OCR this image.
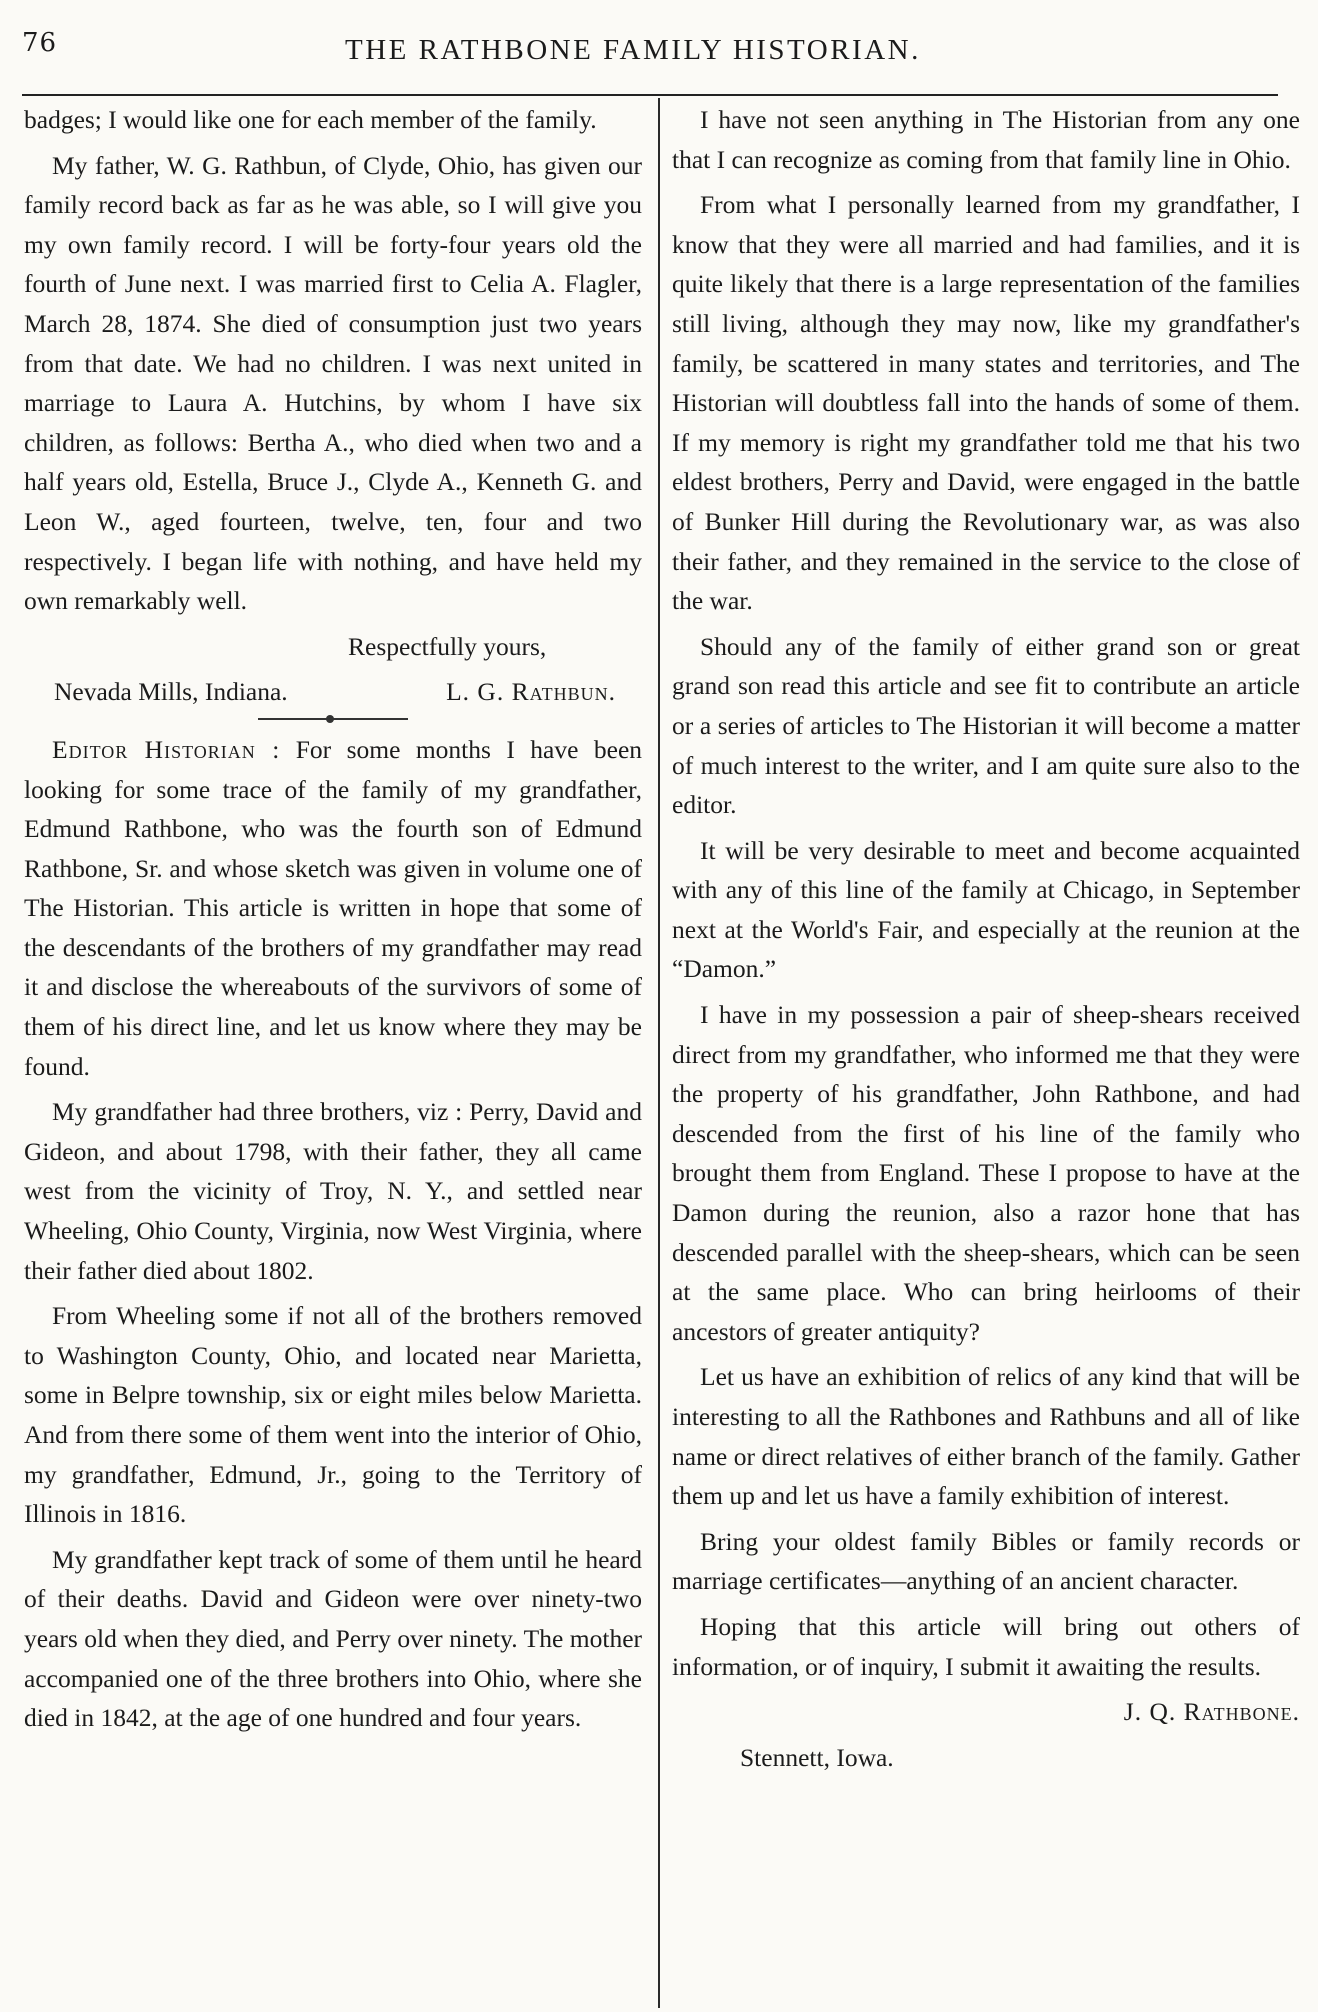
76	THE RATHBONE FAMILY HISTORIAN.

badges; I would like one for each member of the family.

My father, W. G. Rathbun, of Clyde, Ohio, has given our family record back as far as he was able, so I will give you my own family record. I will be forty-four years old the fourth of June next. I was married first to Celia A. Flagler, March 28, 1874. She died of consumption just two years from that date. We had no children. I was next united in marriage to Laura A. Hutchins, by whom I have six children, as follows: Bertha A., who died when two and a half years old, Estella, Bruce J., Clyde A., Kenneth G. and Leon W., aged fourteen, twelve, ten, four and two respectively. I began life with nothing, and have held my own remarkably well.

Respectfully yours,

Nevada Mills, Indiana.	L. G. Rathbun.

Editor Historian : For some months I have been looking for some trace of the family of my grandfather, Edmund Rathbone, who was the fourth son of Edmund Rathbone, Sr. and whose sketch was given in volume one of The Historian. This article is written in hope that some of the descendants of the brothers of my grandfather may read it and disclose the whereabouts of the survivors of some of them of his direct line, and let us know where they may be found.

My grandfather had three brothers, viz : Perry, David and Gideon, and about 1798, with their father, they all came west from the vicinity of Troy, N. Y., and settled near Wheeling, Ohio County, Virginia, now West Virginia, where their father died about 1802.

From Wheeling some if not all of the brothers removed to Washington County, Ohio, and located near Marietta, some in Belpre township, six or eight miles below Marietta. And from there some of them went into the interior of Ohio, my grandfather, Edmund, Jr., going to the Territory of Illinois in 1816.

My grandfather kept track of some of them until he heard of their deaths. David and Gideon were over ninety-two years old when they died, and Perry over ninety. The mother accompanied one of the three brothers into Ohio, where she died in 1842, at the age of one hundred and four years.

I have not seen anything in The Historian from any one that I can recognize as coming from that family line in Ohio.

From what I personally learned from my grandfather, I know that they were all married and had families, and it is quite likely that there is a large representation of the families still living, although they may now, like my grandfather's family, be scattered in many states and territories, and The Historian will doubtless fall into the hands of some of them. If my memory is right my grandfather told me that his two eldest brothers, Perry and David, were engaged in the battle of Bunker Hill during the Revolutionary war, as was also their father, and they remained in the service to the close of the war.

Should any of the family of either grand son or great grand son read this article and see fit to contribute an article or a series of articles to The Historian it will become a matter of much interest to the writer, and I am quite sure also to the editor.

It will be very desirable to meet and become acquainted with any of this line of the family at Chicago, in September next at the World's Fair, and especially at the reunion at the “Damon.”

I have in my possession a pair of sheep-shears received direct from my grandfather, who informed me that they were the property of his grandfather, John Rathbone, and had descended from the first of his line of the family who brought them from England. These I propose to have at the Damon during the reunion, also a razor hone that has descended parallel with the sheep-shears, which can be seen at the same place. Who can bring heirlooms of their ancestors of greater antiquity?

Let us have an exhibition of relics of any kind that will be interesting to all the Rathbones and Rathbuns and all of like name or direct relatives of either branch of the family. Gather them up and let us have a family exhibition of interest.

Bring your oldest family Bibles or family records or marriage certificates—anything of an ancient character.

Hoping that this article will bring out others of information, or of inquiry, I submit it awaiting the results.

J. Q. Rathbone.

Stennett, Iowa.
